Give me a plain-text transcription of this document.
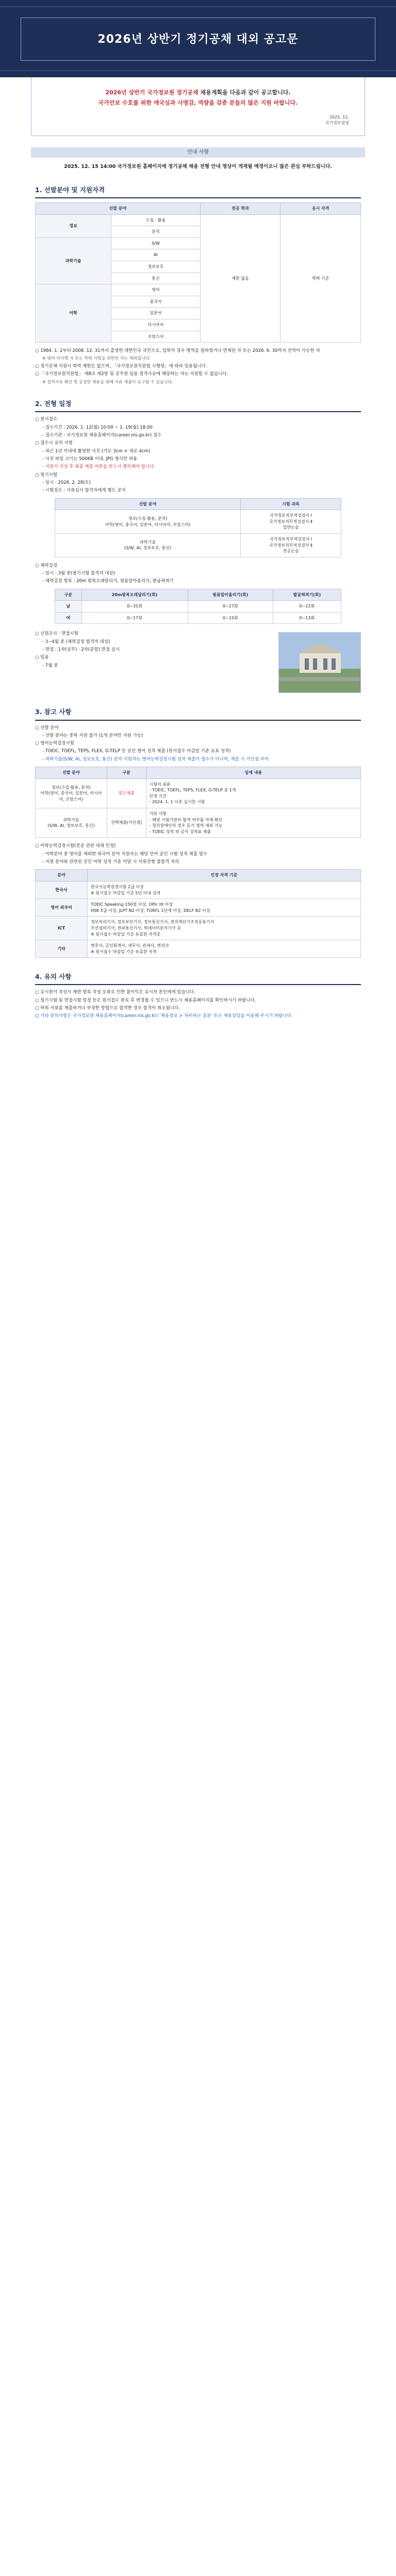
2026년 상반기 정기공채 대외 공고문
2026년 상반기 국가정보원 정기공채 채용계획을 다음과 같이 공고합니다.
국가안보 수호를 위한 애국심과 사명감, 역량을 갖춘 분들의 많은 지원 바랍니다.
2025. 12.
국가정보원장
안내 사항
2025. 12. 15 14:00 국가정보원 홈페이지에 정기공채 채용 전형 안내 영상이 게재될 예정이오니 많은 관심 부탁드립니다.
1. 선발분야 및 지원자격
선발 분야		전공 학과	응시 자격
정보	수집 · 활용	제한 없음	학력 기준
	분석		
과학기술	S/W		
	AI		
	정보보호		
	통신		
어학	영어		
	중국어		
	일본어		
	러시아어		
	프랑스어		
○ 1984. 1. 1부터 2008. 12. 31까지 출생한 대한민국 국민으로, 입학자 경우 병역을 필하였거나 면제된 자 또는 2026. 6. 30까지 전역이 가능한 자
※ 병역 미이행 자 또는 학력 사항을 위반한 자는 제외됩니다.
○ 정기공채 지원시 학력 제한은 없으며, 「국가정보원직원법 시행령」에 따라 임용됩니다.
○ 「국가정보원직원법」 제8조 제2항 및 공무원 임용 결격사유에 해당하는 자는 지원할 수 없습니다.
※ 결격사유 확인 및 공정한 채용을 위해 서류 제출이 요구될 수 있습니다.
2. 전형 일정
○ 원서접수
- 접수기간 : 2026. 1. 12(월) 10:00 ~ 1. 19(월) 18:00
- 접수기관 : 국가정보원 채용홈페이지(career.nis.go.kr) 접수
○ 접수시 유의 사항
- 최근 1년 이내에 촬영한 사진 (가로 3cm × 세로 4cm)
- 사진 파일 크기는 500KB 이내, JPG 형식만 허용
- 지원서 작성 후 최종 제출 버튼을 반드시 클릭해야 합니다.
○ 필기시험
- 일시 : 2026. 2. 28(토)
- 시험장소 : 서류심사 합격자에게 별도 공지
선발 분야	시험 과목
정보(수집·활용, 분석)
어학(영어, 중국어, 일본어, 러시아어, 프랑스어)	국가정보직무적성검사 Ⅰ
국가정보직무적성검사 Ⅱ
일반논술
과학기술
(S/W, AI, 정보보호, 통신)	국가정보직무적성검사 Ⅰ
국가정보직무적성검사 Ⅱ
전공논술
○ 체력검정
- 일시 : 3월 중(필기시험 합격자 대상)
- 체력검정 항목 : 20m 왕복오래달리기, 윗몸말아올리기, 팔굽혀펴기
구분	20m왕복오래달리기(회)	윗몸말아올리기(회)	팔굽혀펴기(회)
남	0~31회	0~27회	0~22회
여	0~17회	0~15회	0~13회
○ 신원조사 · 면접시험
- 3~4월 중 (체력검정 합격자 대상)
- 면접 : 1차(실무) · 2차(종합) 면접 실시
○ 임용
- 7월 중
3. 참고 사항
○ 선발 분야
- 선발 분야는 중복 지원 불가 (1개 분야만 지원 가능)
○ 영어능력검정시험
- TOEIC, TOEFL, TEPS, FLEX, G-TELP 등 공인 영어 성적 제출 (원서접수 마감일 기준 유효 성적)
- 과학기술(S/W, AI, 정보보호, 통신) 분야 지원자는 영어능력검정시험 성적 제출이 필수가 아니며, 제출 시 가산점 부여
선발 분야	구분	상세 내용
정보(수집·활용, 분석)
어학(영어, 중국어, 일본어, 러시아어, 프랑스어)	필수제출	시험의 종류
- TOEIC, TOEFL, TEPS, FLEX, G-TELP 중 1개
인정 기간
- 2024. 1. 1 이후 실시한 시험
과학기술
(S/W, AI, 정보보호, 통신)	선택제출(가산점)	기타 사항
- 해당 시험기관의 합격 여부를 자체 확인
- 청각장애인의 경우 듣기 영역 제외 가능
- TOEIC 성적 외 공식 성적표 제출
○ 어학능력검정시험(전공 관련 대체 인정)
- 어학분야 중 영어를 제외한 외국어 분야 지원자는 해당 언어 공인 시험 성적 제출 필수
- 지원 분야와 관련된 공인 어학 성적 기준 미달 시 서류전형 불합격 처리
분야	인정 자격 기준
한국사	한국사능력검정시험 2급 이상
※ 원서접수 마감일 기준 5년 이내 성적
영어 외국어	TOEIC Speaking 150점 이상, OPIc IH 이상
HSK 5급 이상, JLPT N2 이상, TORFL 1단계 이상, DELF B2 이상
ICT	정보처리기사, 정보보안기사, 정보통신기사, 전자계산기조직응용기사
무선설비기사, 전파통신기사, 빅데이터분석기사 등
※ 원서접수 마감일 기준 유효한 자격증
기타	변호사, 공인회계사, 세무사, 관세사, 변리사
※ 원서접수 마감일 기준 유효한 자격
4. 유의 사항
○ 응시원서 작성시 제반 항목 작성 오류로 인한 불이익은 응시자 본인에게 있습니다.
○ 필기시험 및 면접시험 일정 등은 원서접수 완료 후 변경될 수 있으니 반드시 채용홈페이지를 확인하시기 바랍니다.
○ 허위 서류를 제출하거나 부정한 방법으로 합격한 경우 합격이 취소됩니다.
○ 기타 문의사항은 국가정보원 채용홈페이지(career.nis.go.kr) ‘채용정보 > 자주하는 질문’ 또는 채용상담을 이용해 주시기 바랍니다.
